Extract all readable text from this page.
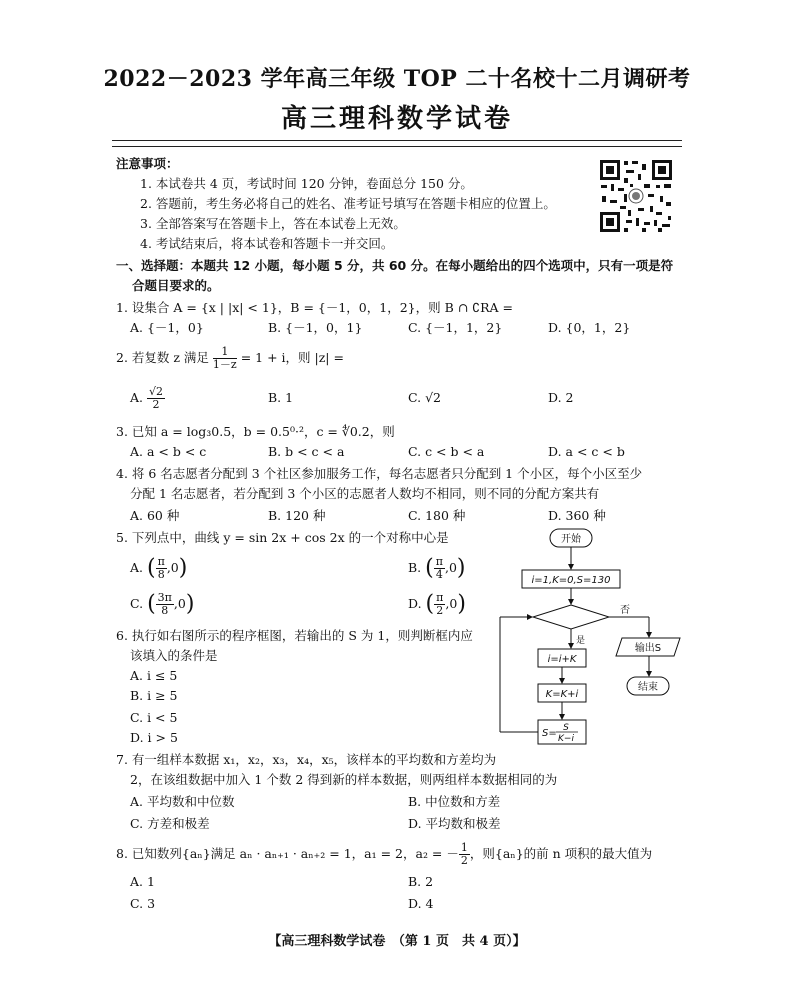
2022－2023 学年高三年级 TOP 二十名校十二月调研考
高三理科数学试卷
注意事项：
1. 本试卷共 4 页，考试时间 120 分钟，卷面总分 150 分。
2. 答题前，考生务必将自己的姓名、准考证号填写在答题卡相应的位置上。
3. 全部答案写在答题卡上，答在本试卷上无效。
4. 考试结束后，将本试卷和答题卡一并交回。
一、选择题：本题共 12 小题，每小题 5 分，共 60 分。在每小题给出的四个选项中，只有一项是符
合题目要求的。
1. 设集合 A = {x | |x| < 1}，B = {－1，0，1，2}，则 B ∩ ∁RA =
A. {－1，0}	B. {－1，0，1}	C. {－1，1，2}	D. {0，1，2}
2. 若复数 z 满足 $\frac{1}{1-z} = 1 + i$，则 |z| =
A. $\frac{√2}{2}$	B. 1	C. √2	D. 2
3. 已知 a = log₃0.5，b = 0.5⁰·²，c = ∜0.2，则
A. a < b < c	B. b < c < a	C. c < b < a	D. a < c < b
4. 将 6 名志愿者分配到 3 个社区参加服务工作，每名志愿者只分配到 1 个小区，每个小区至少
分配 1 名志愿者，若分配到 3 个小区的志愿者人数均不相同，则不同的分配方案共有
A. 60 种	B. 120 种	C. 180 种	D. 360 种
5. 下列点中，曲线 y = sin 2x + cos 2x 的一个对称中心是
A. ( $\frac{\pi}{8} ,0$)	B. ( $\frac{\pi}{4} ,0$)
C. ( $\frac{3\pi}{8} ,0$)	D. ( $\frac{\pi}{2} ,0$)
6. 执行如右图所示的程序框图，若输出的 S 为 1，则判断框内应
该填入的条件是
A. i ≤ 5
B. i ≥ 5
C. i < 5
D. i > 5
开始
i=1,K=0,S=130
否
是
输出S
结束
i=i+K
K=K+i
S= S
K−i
7. 有一组样本数据 x₁，x₂，x₃，x₄，x₅，该样本的平均数和方差均为
2，在该组数据中加入 1 个数 2 得到新的样本数据，则两组样本数据相同的为
A. 平均数和中位数	B. 中位数和方差
C. 方差和极差	D. 平均数和极差
8. 已知数列{aₙ}满足 aₙ · aₙ₊₁ · aₙ₊₂ = 1，a₁ = 2，a₂ = － $\frac{1}{2}$ ，则{aₙ}的前 n 项积的最大值为
A. 1	B. 2
C. 3	D. 4
【高三理科数学试卷　（第 1 页　共 4 页）】
